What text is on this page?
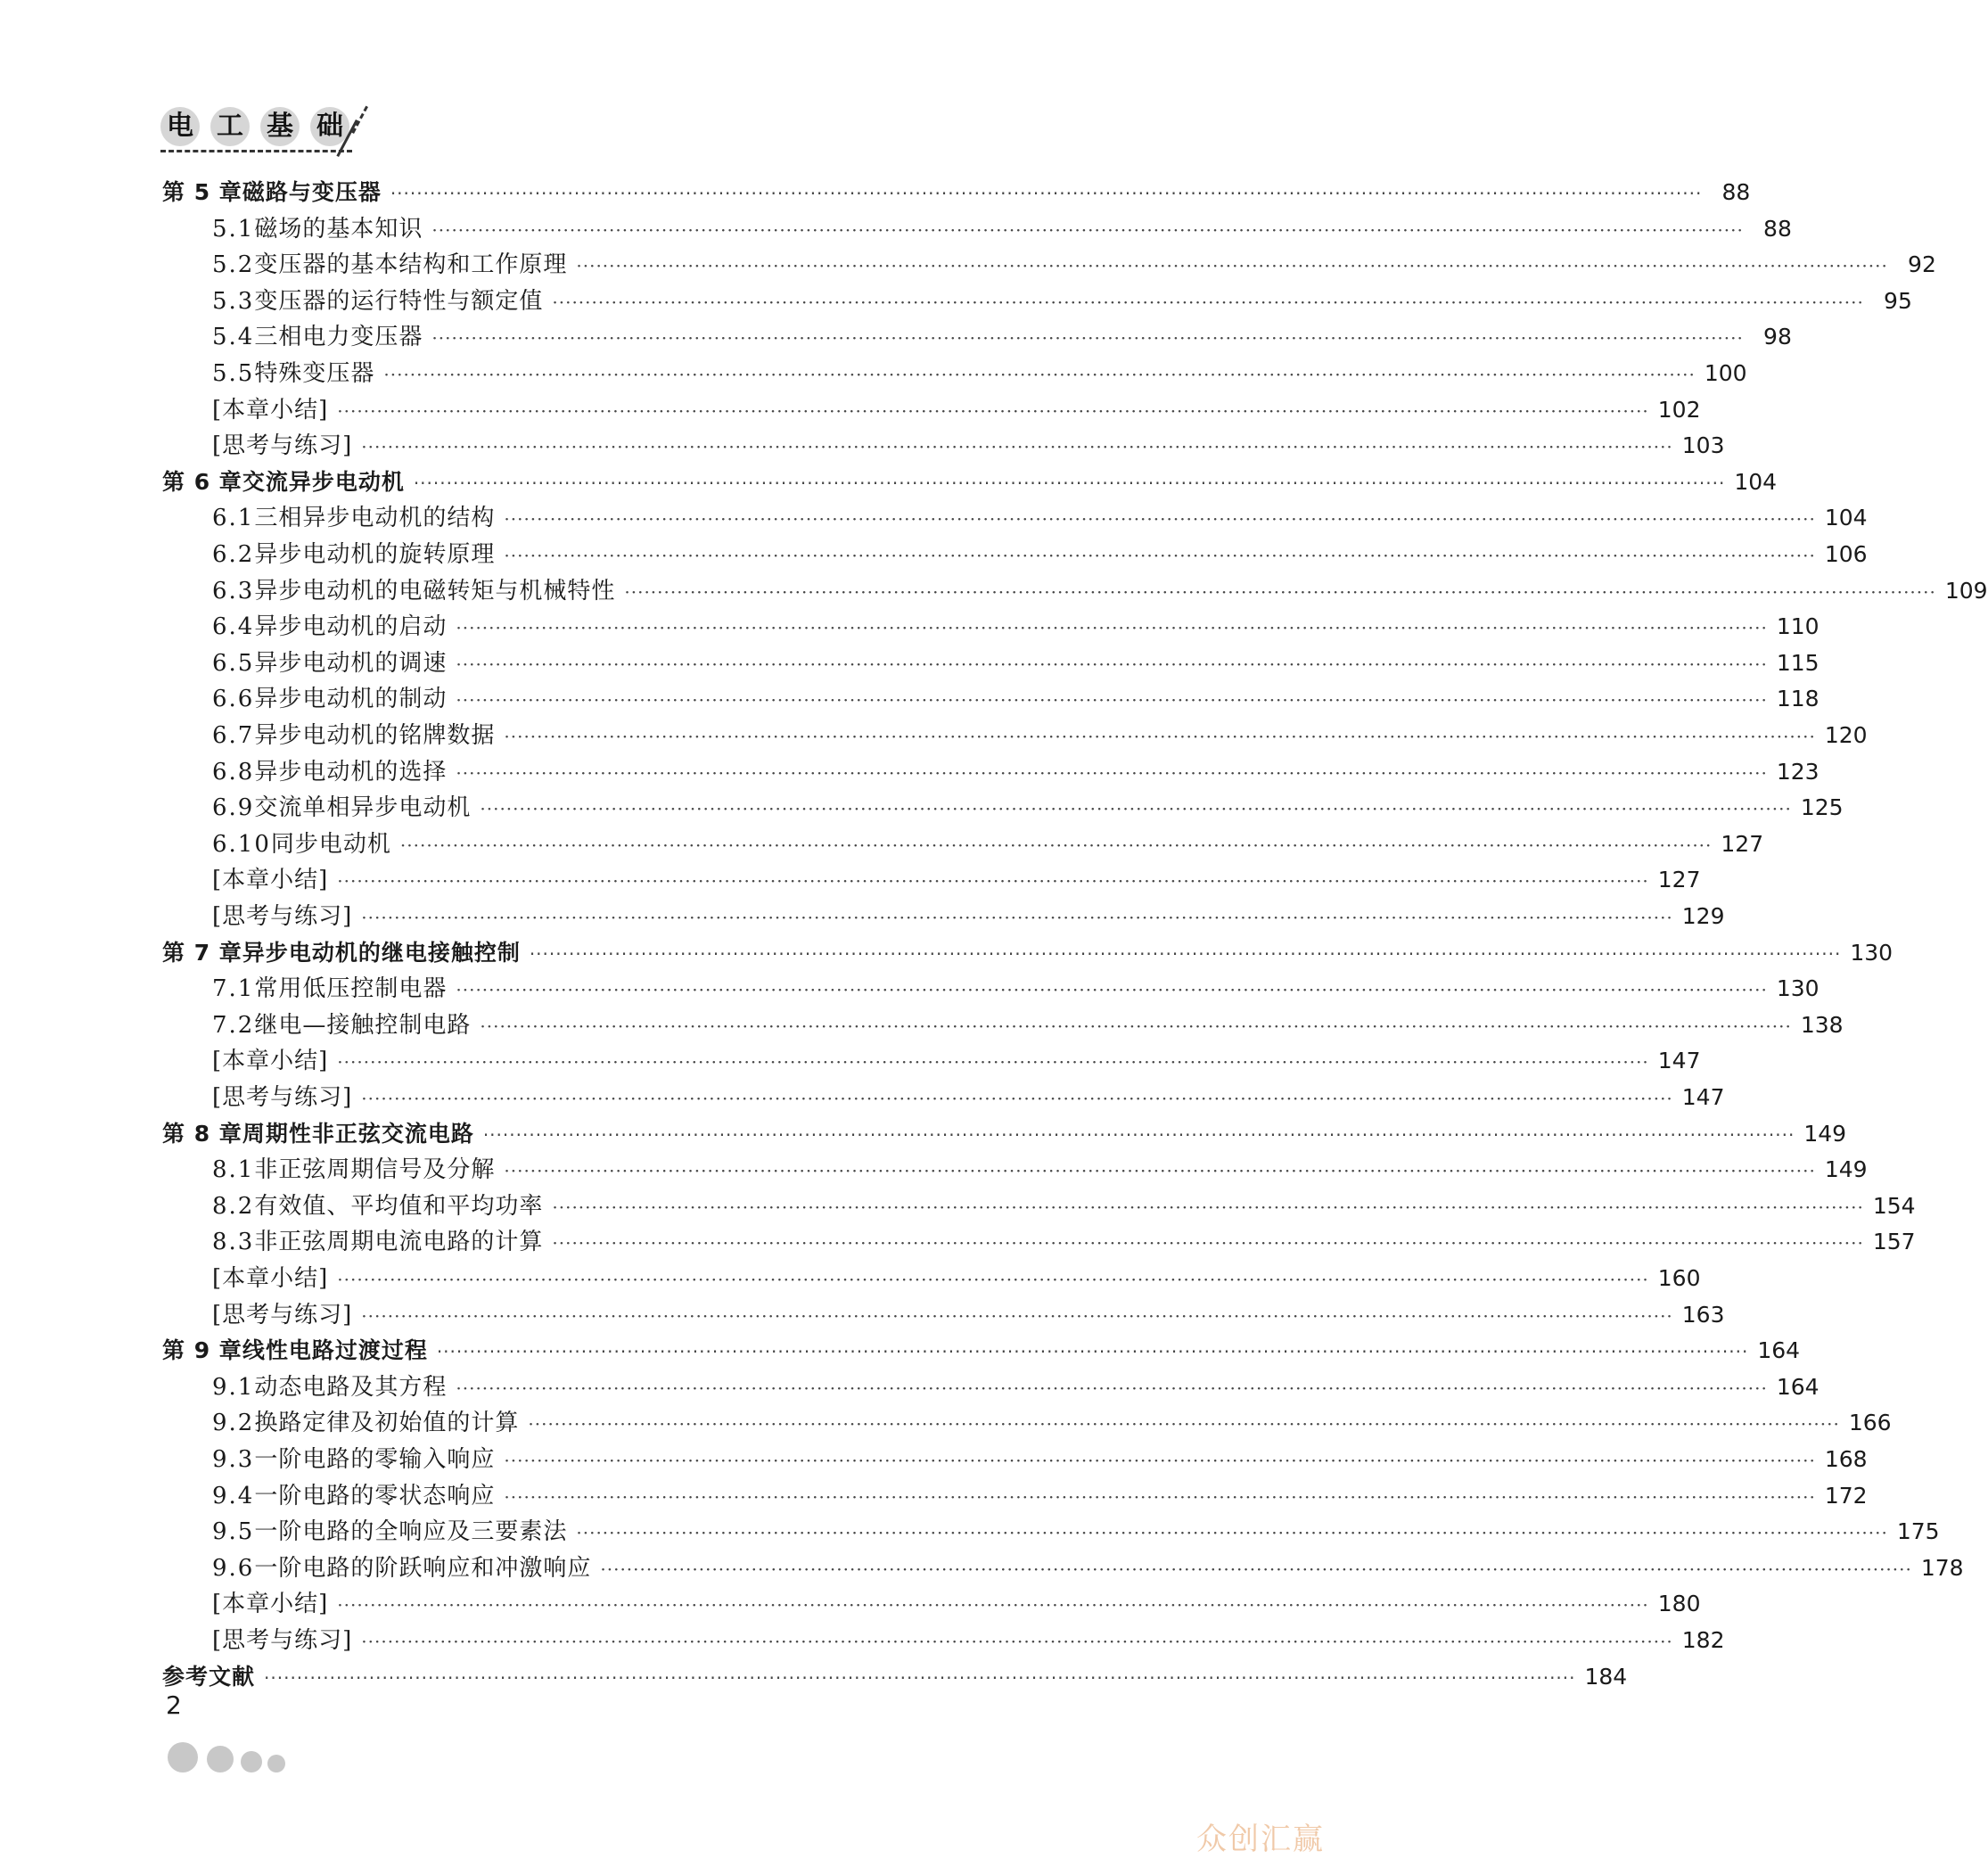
电 工 基 础
第 5 章 磁路与变压器 ········································································································································································································ 88
5.1 磁场的基本知识 ········································································································································································································ 88
5.2 变压器的基本结构和工作原理 ········································································································································································································ 92
5.3 变压器的运行特性与额定值 ········································································································································································································ 95
5.4 三相电力变压器 ········································································································································································································ 98
5.5 特殊变压器 ········································································································································································································ 100
[本章小结] ········································································································································································································ 102
[思考与练习] ········································································································································································································ 103
第 6 章 交流异步电动机 ········································································································································································································ 104
6.1 三相异步电动机的结构 ········································································································································································································ 104
6.2 异步电动机的旋转原理 ········································································································································································································ 106
6.3 异步电动机的电磁转矩与机械特性 ········································································································································································································ 109
6.4 异步电动机的启动 ········································································································································································································ 110
6.5 异步电动机的调速 ········································································································································································································ 115
6.6 异步电动机的制动 ········································································································································································································ 118
6.7 异步电动机的铭牌数据 ········································································································································································································ 120
6.8 异步电动机的选择 ········································································································································································································ 123
6.9 交流单相异步电动机 ········································································································································································································ 125
6.10 同步电动机 ········································································································································································································ 127
[本章小结] ········································································································································································································ 127
[思考与练习] ········································································································································································································ 129
第 7 章 异步电动机的继电接触控制 ········································································································································································································ 130
7.1 常用低压控制电器 ········································································································································································································ 130
7.2 继电—接触控制电路 ········································································································································································································ 138
[本章小结] ········································································································································································································ 147
[思考与练习] ········································································································································································································ 147
第 8 章 周期性非正弦交流电路 ········································································································································································································ 149
8.1 非正弦周期信号及分解 ········································································································································································································ 149
8.2 有效值、平均值和平均功率 ········································································································································································································ 154
8.3 非正弦周期电流电路的计算 ········································································································································································································ 157
[本章小结] ········································································································································································································ 160
[思考与练习] ········································································································································································································ 163
第 9 章 线性电路过渡过程 ········································································································································································································ 164
9.1 动态电路及其方程 ········································································································································································································ 164
9.2 换路定律及初始值的计算 ········································································································································································································ 166
9.3 一阶电路的零输入响应 ········································································································································································································ 168
9.4 一阶电路的零状态响应 ········································································································································································································ 172
9.5 一阶电路的全响应及三要素法 ········································································································································································································ 175
9.6 一阶电路的阶跃响应和冲激响应 ········································································································································································································ 178
[本章小结] ········································································································································································································ 180
[思考与练习] ········································································································································································································ 182
参考文献 ········································································································································································································ 184
2
众创汇赢
